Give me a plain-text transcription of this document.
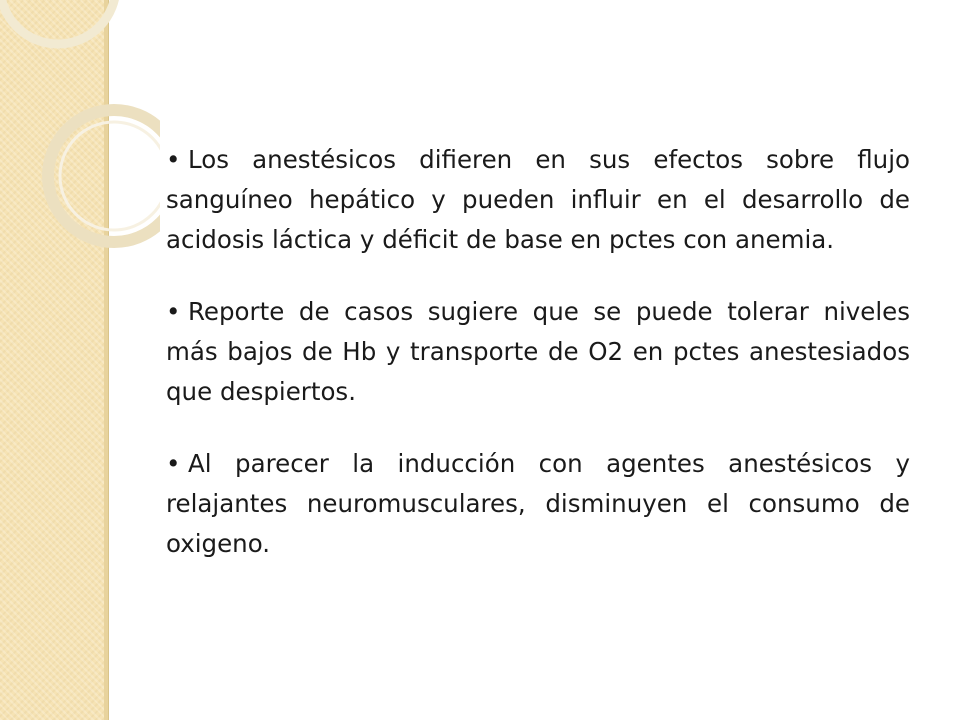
• Los anestésicos difieren en sus efectos sobre flujo sanguíneo hepático y pueden influir en el desarrollo de acidosis láctica y déficit de base en pctes con anemia.

• Reporte de casos sugiere que se puede tolerar niveles más bajos de Hb y transporte de O2 en pctes anestesiados que despiertos.

• Al parecer la inducción con agentes anestésicos y relajantes neuromusculares, disminuyen el consumo de oxigeno.
